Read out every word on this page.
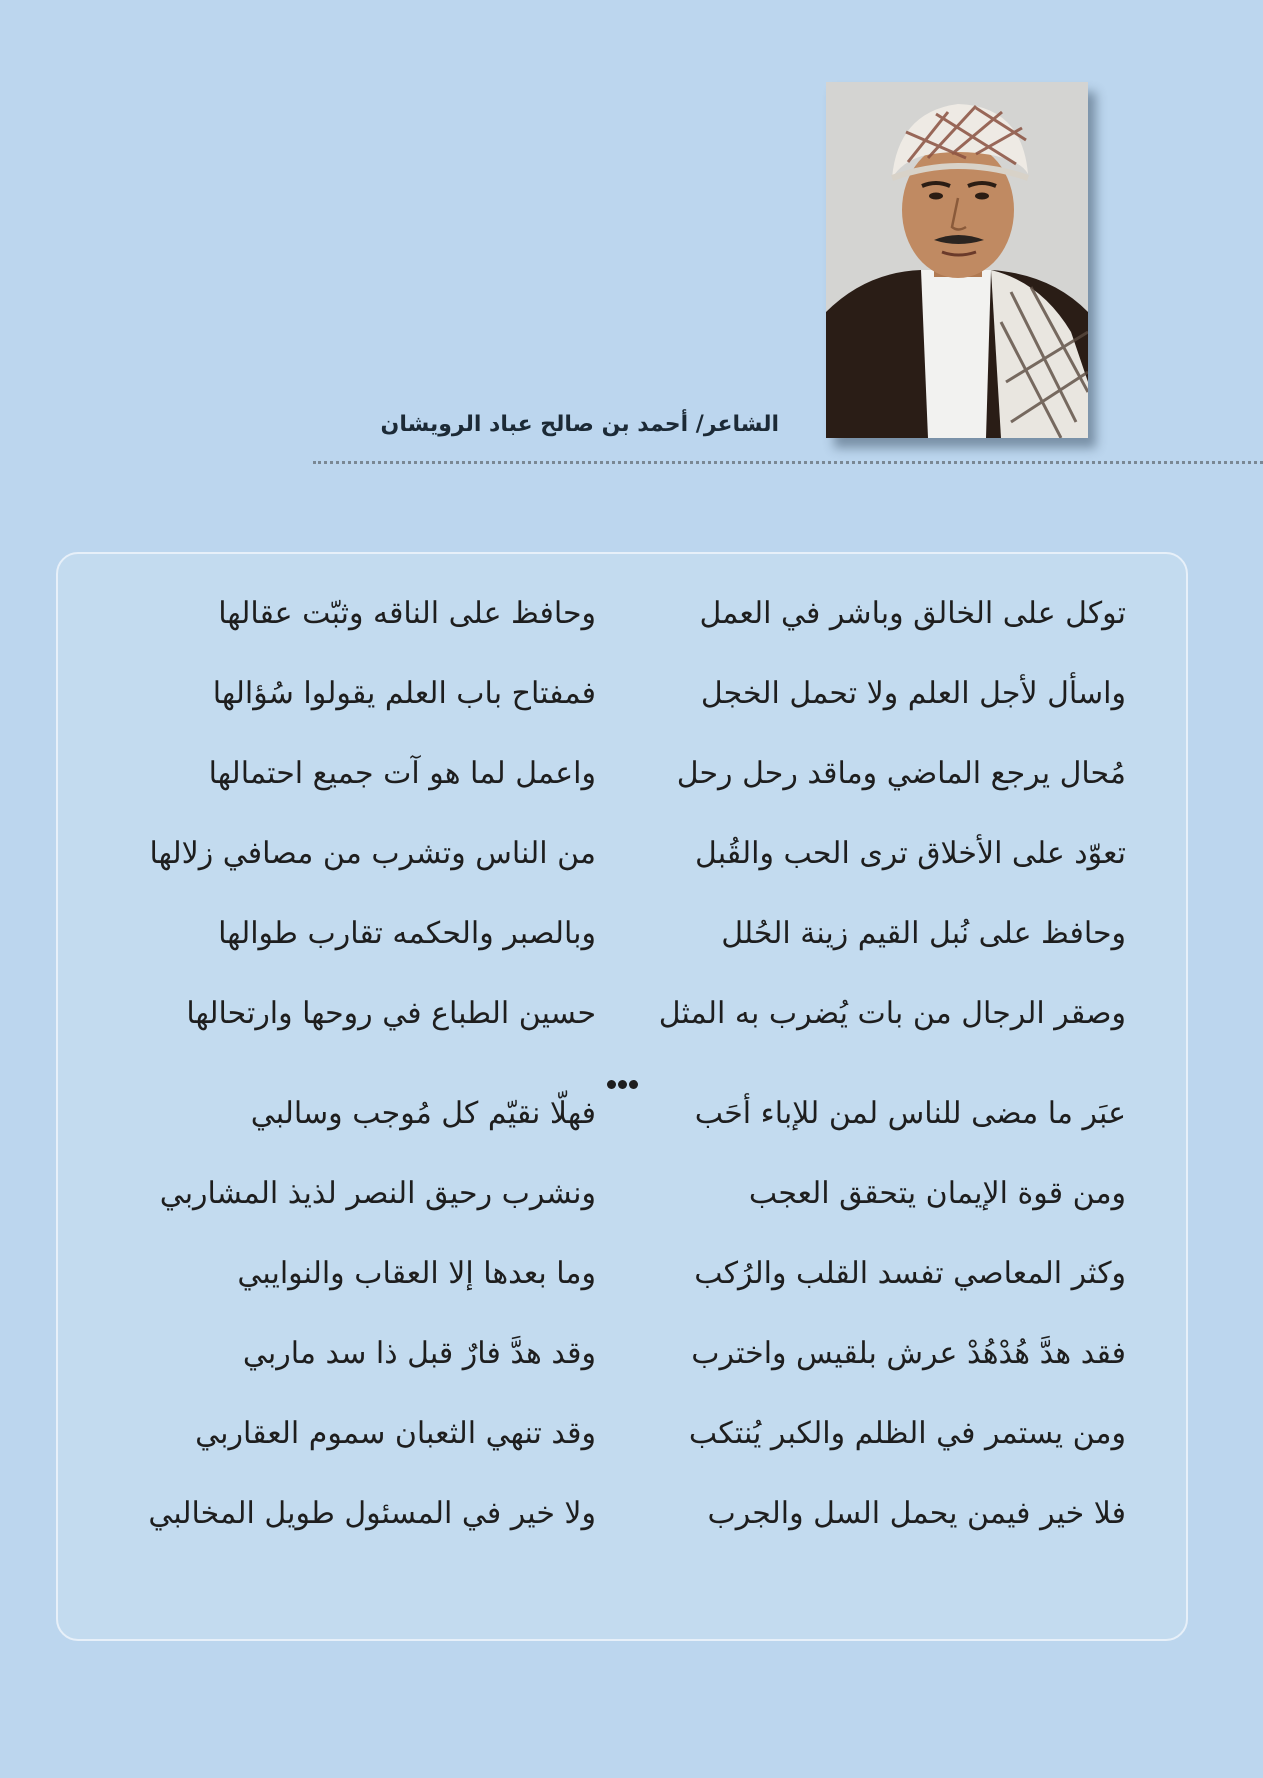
الشاعر/ أحمد بن صالح عباد الرويشان
توكل على الخالق وباشر في العمل
وحافظ على الناقه وثبّت عقالها
واسأل لأجل العلم ولا تحمل الخجل
فمفتاح باب العلم يقولوا سُؤالها
مُحال يرجع الماضي وماقد رحل رحل
واعمل لما هو آت جميع احتمالها
تعوّد على الأخلاق ترى الحب والقُبل
من الناس وتشرب من مصافي زلالها
وحافظ على نُبل القيم زينة الحُلل
وبالصبر والحكمه تقارب طوالها
وصقر الرجال من بات يُضرب به المثل
حسين الطباع في روحها وارتحالها
عبَر ما مضى للناس لمن للإباء أحَب
فهلّا نقيّم كل مُوجب وسالبي
ومن قوة الإيمان يتحقق العجب
ونشرب رحيق النصر لذيذ المشاربي
وكثر المعاصي تفسد القلب والرُكب
وما بعدها إلا العقاب والنوايبي
فقد هدَّ هُدْهُدْ عرش بلقيس واخترب
وقد هدَّ فارٌ قبل ذا سد ماربي
ومن يستمر في الظلم والكبر يُنتكب
وقد تنهي الثعبان سموم العقاربي
فلا خير فيمن يحمل السل والجرب
ولا خير في المسئول طويل المخالبي
